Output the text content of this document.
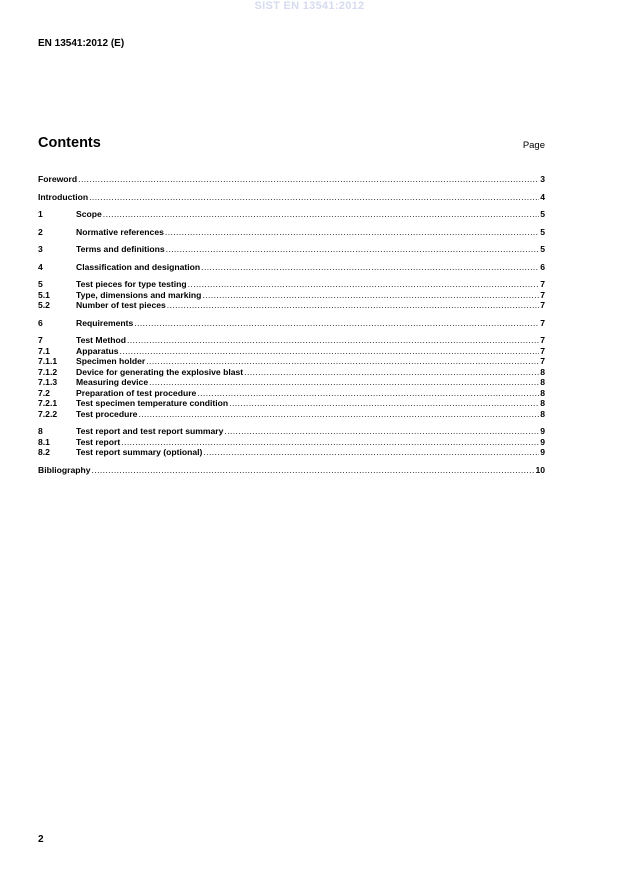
SIST EN 13541:2012
EN 13541:2012 (E)
Contents	Page
Foreword .....	3
Introduction .....	4
1	Scope .....	5
2	Normative references .....	5
3	Terms and definitions .....	5
4	Classification and designation .....	6
5	Test pieces for type testing .....	7
5.1	Type, dimensions and marking .....	7
5.2	Number of test pieces .....	7
6	Requirements .....	7
7	Test Method .....	7
7.1	Apparatus .....	7
7.1.1	Specimen holder .....	7
7.1.2	Device for generating the explosive blast .....	8
7.1.3	Measuring device .....	8
7.2	Preparation of test procedure .....	8
7.2.1	Test specimen temperature condition .....	8
7.2.2	Test procedure .....	8
8	Test report and test report summary .....	9
8.1	Test report .....	9
8.2	Test report summary (optional) .....	9
Bibliography .....	10
2
